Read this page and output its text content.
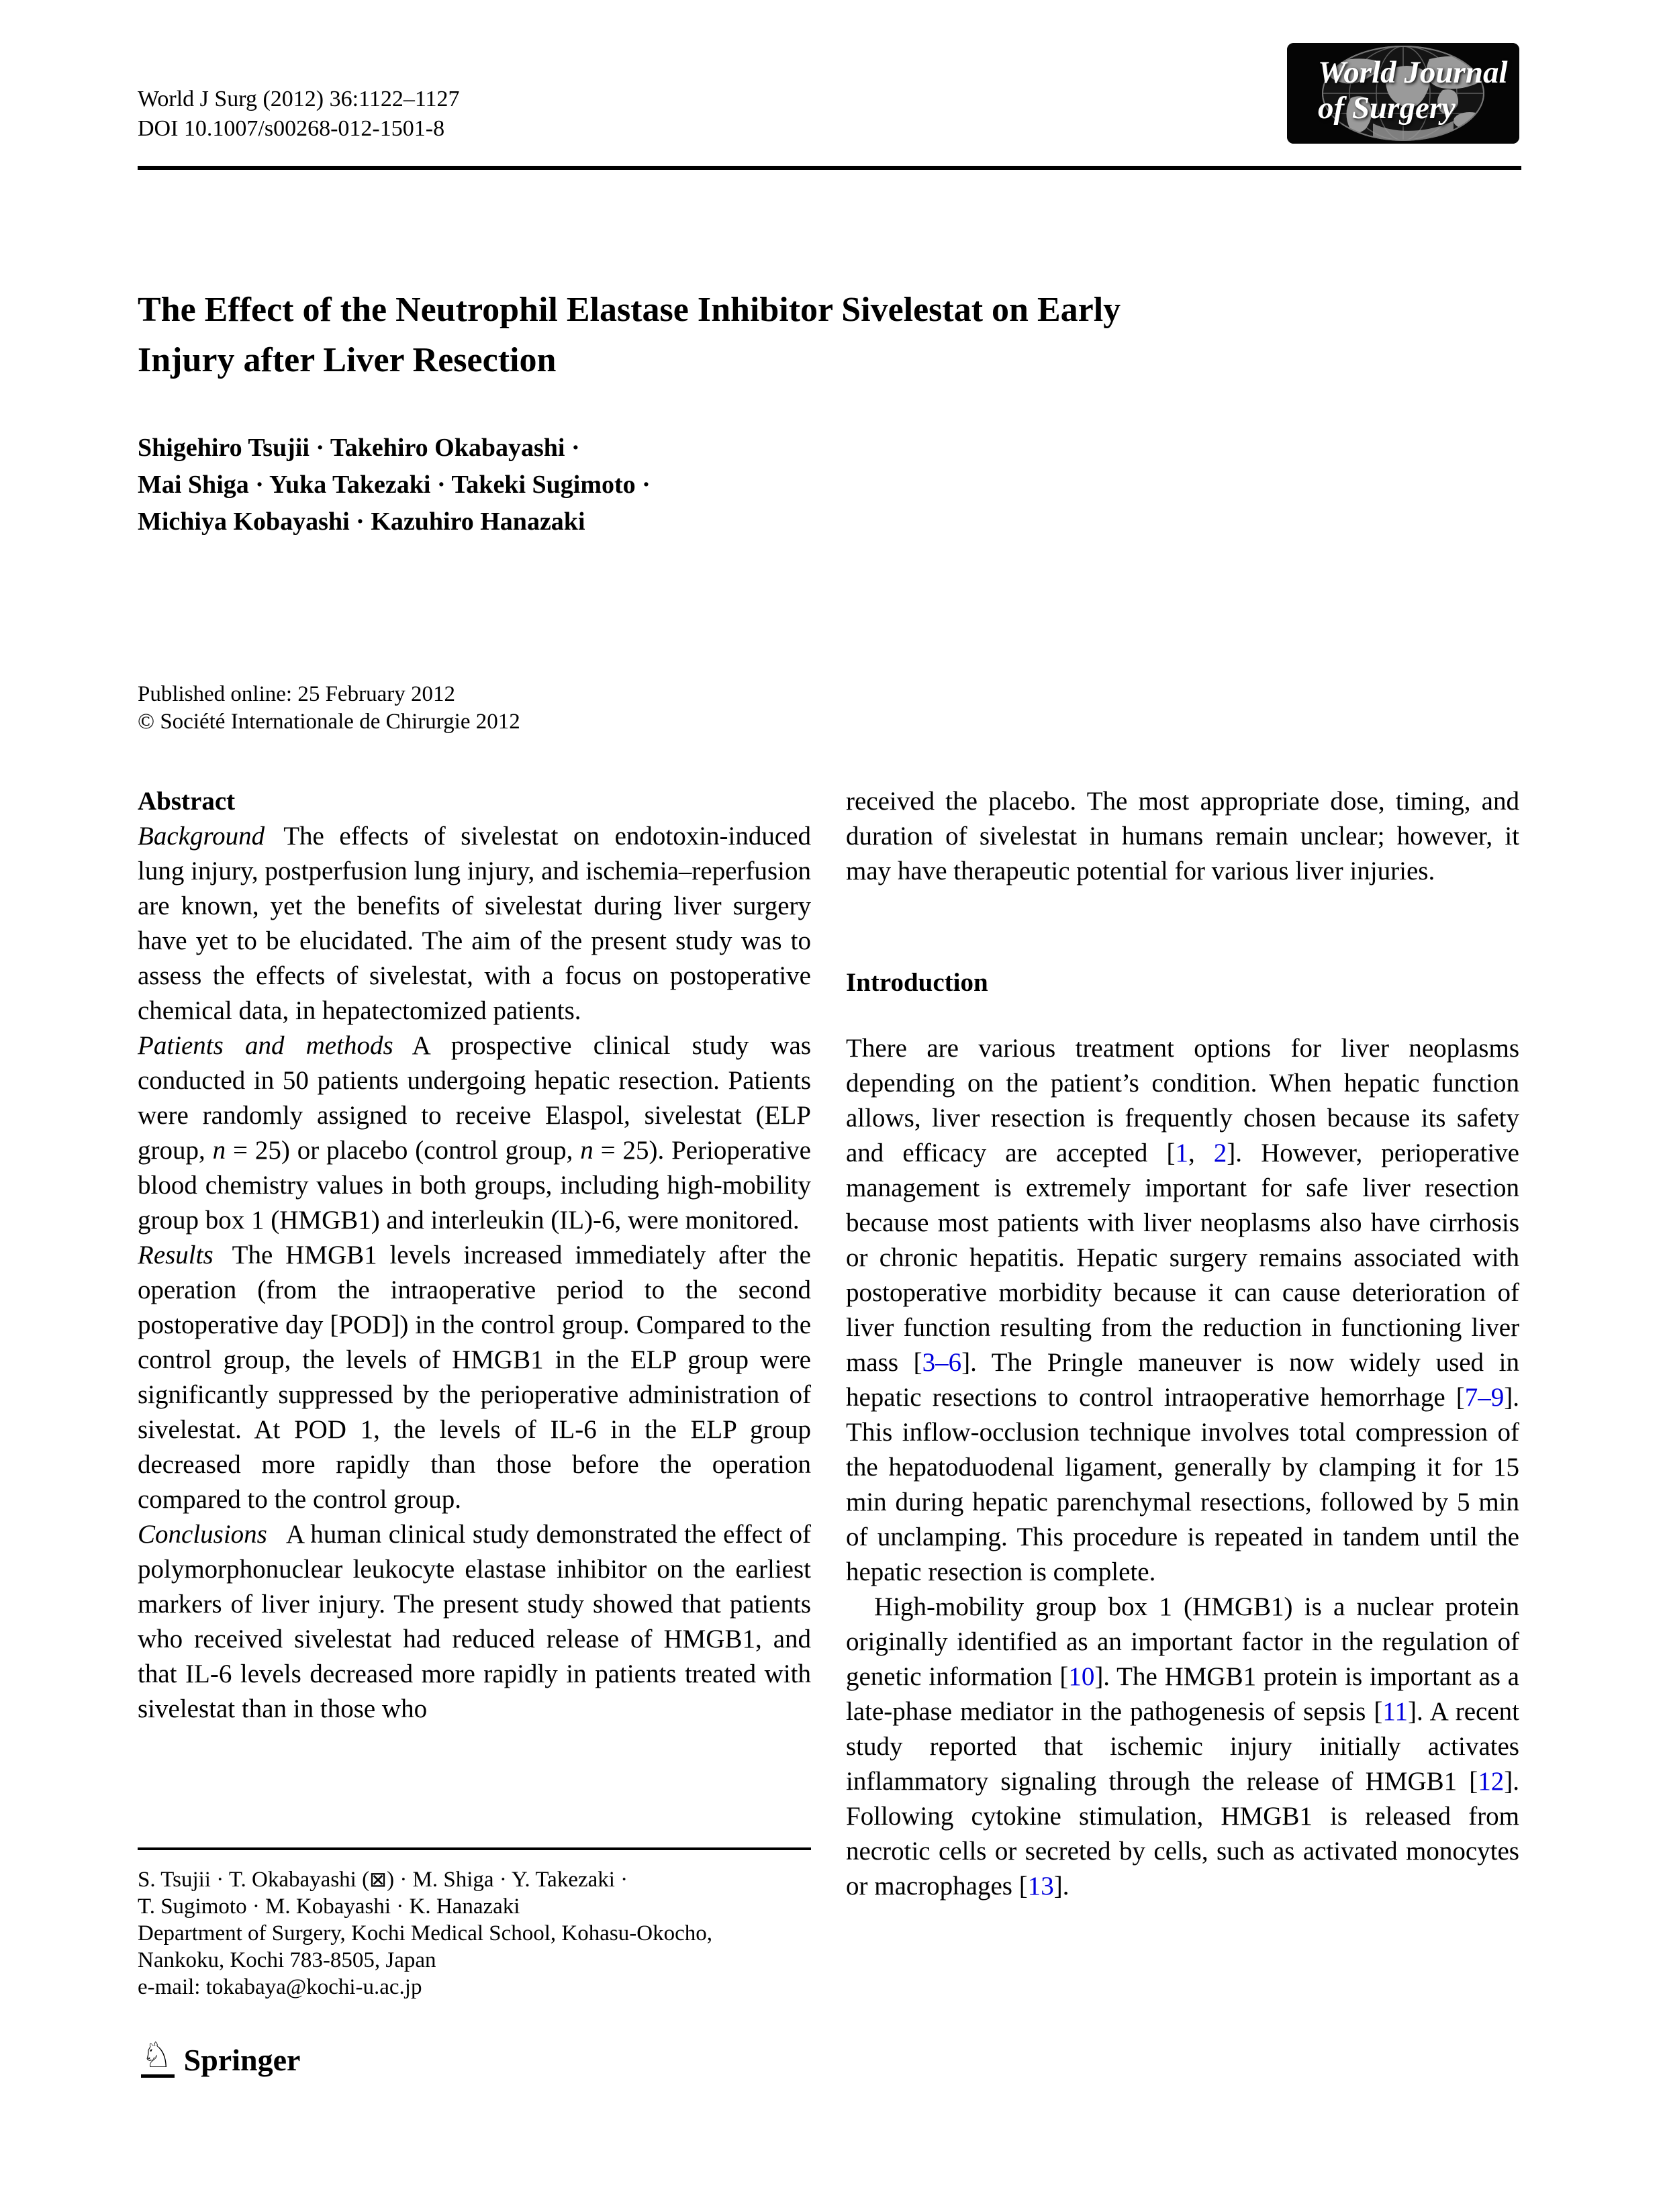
World J Surg (2012) 36:1122–1127
DOI 10.1007/s00268-012-1501-8
World Journal
of Surgery
The Effect of the Neutrophil Elastase Inhibitor Sivelestat on Early
Injury after Liver Resection
Shigehiro Tsujii · Takehiro Okabayashi ·
Mai Shiga · Yuka Takezaki · Takeki Sugimoto ·
Michiya Kobayashi · Kazuhiro Hanazaki
Published online: 25 February 2012
© Société Internationale de Chirurgie 2012

Abstract

Background The effects of sivelestat on endotoxin-induced lung injury, postperfusion lung injury, and ischemia–reperfusion are known, yet the benefits of sivelestat during liver surgery have yet to be elucidated. The aim of the present study was to assess the effects of sivelestat, with a focus on postoperative chemical data, in hepatectomized patients.

Patients and methods A prospective clinical study was conducted in 50 patients undergoing hepatic resection. Patients were randomly assigned to receive Elaspol, sivelestat (ELP group, n = 25) or placebo (control group, n = 25). Perioperative blood chemistry values in both groups, including high-mobility group box 1 (HMGB1) and interleukin (IL)-6, were monitored.

Results The HMGB1 levels increased immediately after the operation (from the intraoperative period to the second postoperative day [POD]) in the control group. Compared to the control group, the levels of HMGB1 in the ELP group were significantly suppressed by the perioperative administration of sivelestat. At POD 1, the levels of IL-6 in the ELP group decreased more rapidly than those before the operation compared to the control group.

Conclusions A human clinical study demonstrated the effect of polymorphonuclear leukocyte elastase inhibitor on the earliest markers of liver injury. The present study showed that patients who received sivelestat had reduced release of HMGB1, and that IL-6 levels decreased more rapidly in patients treated with sivelestat than in those who

received the placebo. The most appropriate dose, timing, and duration of sivelestat in humans remain unclear; however, it may have therapeutic potential for various liver injuries.

Introduction

There are various treatment options for liver neoplasms depending on the patient’s condition. When hepatic function allows, liver resection is frequently chosen because its safety and efficacy are accepted [1, 2]. However, perioperative management is extremely important for safe liver resection because most patients with liver neoplasms also have cirrhosis or chronic hepatitis. Hepatic surgery remains associated with postoperative morbidity because it can cause deterioration of liver function resulting from the reduction in functioning liver mass [3–6]. The Pringle maneuver is now widely used in hepatic resections to control intraoperative hemorrhage [7–9]. This inflow-occlusion technique involves total compression of the hepatoduodenal ligament, generally by clamping it for 15 min during hepatic parenchymal resections, followed by 5 min of unclamping. This procedure is repeated in tandem until the hepatic resection is complete.

High-mobility group box 1 (HMGB1) is a nuclear protein originally identified as an important factor in the regulation of genetic information [10]. The HMGB1 protein is important as a late-phase mediator in the pathogenesis of sepsis [11]. A recent study reported that ischemic injury initially activates inflammatory signaling through the release of HMGB1 [12]. Following cytokine stimulation, HMGB1 is released from necrotic cells or secreted by cells, such as activated monocytes or macrophages [13].

S. Tsujii · T. Okabayashi (⊠) · M. Shiga · Y. Takezaki ·
T. Sugimoto · M. Kobayashi · K. Hanazaki
Department of Surgery, Kochi Medical School, Kohasu-Okocho,
Nankoku, Kochi 783-8505, Japan
e-mail: tokabaya@kochi-u.ac.jp
♘ Springer
